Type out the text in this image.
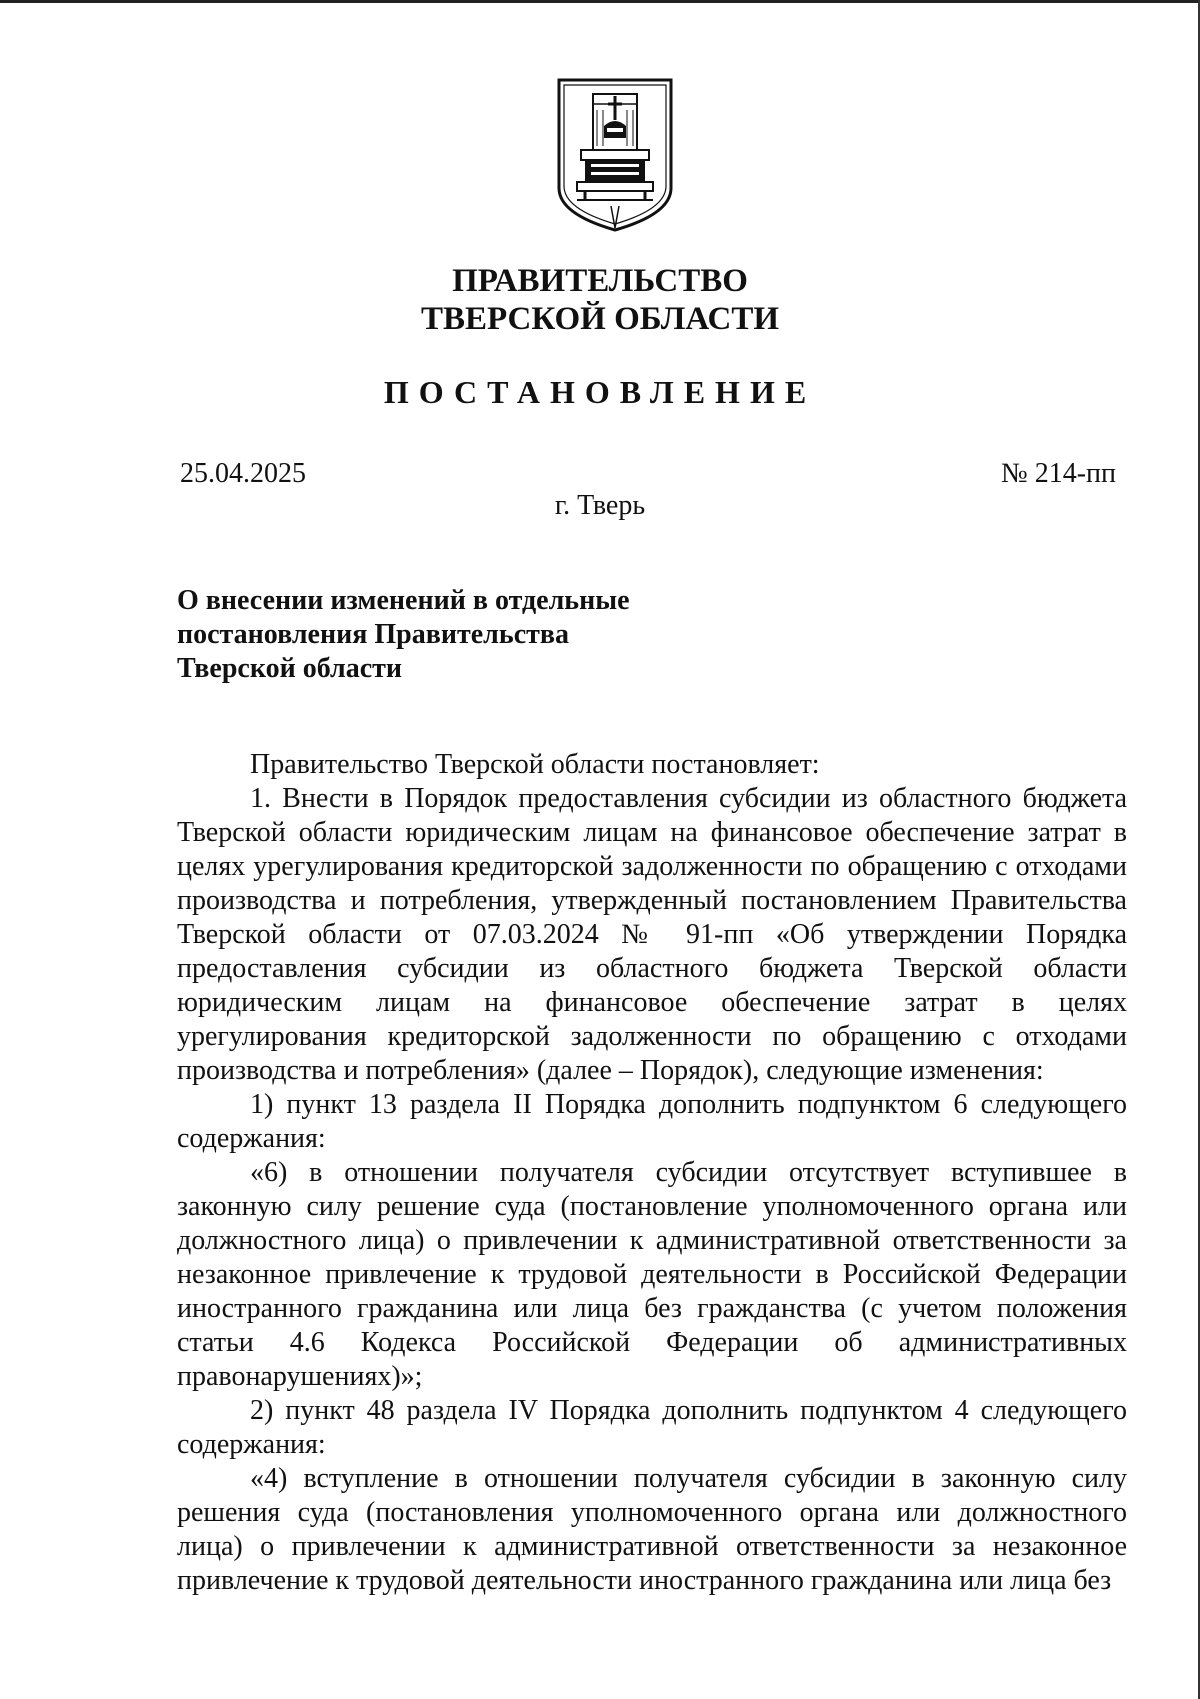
ПРАВИТЕЛЬСТВО
ТВЕРСКОЙ ОБЛАСТИ
ПОСТАНОВЛЕНИЕ
25.04.2025	№ 214-пп
г. Тверь
О внесении изменений в отдельные
постановления Правительства
Тверской области

Правительство Тверской области постановляет:

1. Внести в Порядок предоставления субсидии из областного бюджета Тверской области юридическим лицам на финансовое обеспечение затрат в целях урегулирования кредиторской задолженности по обращению с отходами производства и потребления, утвержденный постановлением Правительства Тверской области от 07.03.2024 № 91-пп «Об утверждении Порядка предоставления субсидии из областного бюджета Тверской области юридическим лицам на финансовое обеспечение затрат в целях урегулирования кредиторской задолженности по обращению с отходами производства и потребления» (далее – Порядок), следующие изменения:

1) пункт 13 раздела II Порядка дополнить подпунктом 6 следующего содержания:

«6) в отношении получателя субсидии отсутствует вступившее в законную силу решение суда (постановление уполномоченного органа или должностного лица) о привлечении к административной ответственности за незаконное привлечение к трудовой деятельности в Российской Федерации иностранного гражданина или лица без гражданства (с учетом положения статьи 4.6 Кодекса Российской Федерации об административных правонарушениях)»;

2) пункт 48 раздела IV Порядка дополнить подпунктом 4 следующего содержания:

«4) вступление в отношении получателя субсидии в законную силу решения суда (постановления уполномоченного органа или должностного лица) о привлечении к административной ответственности за незаконное привлечение к трудовой деятельности иностранного гражданина или лица без
